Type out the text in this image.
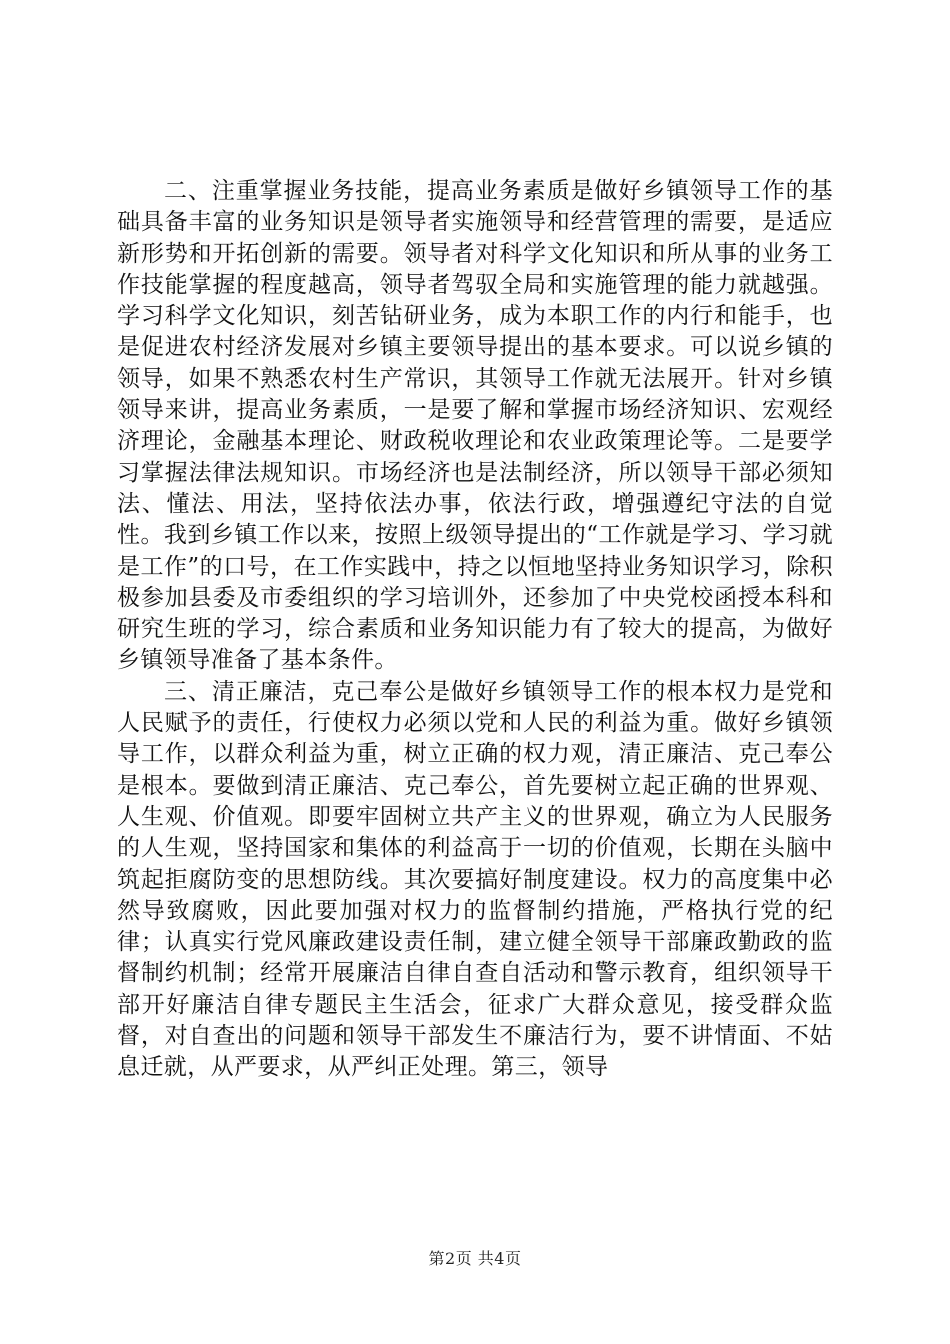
二、注重掌握业务技能，提高业务素质是做好乡镇领导工作的基础具备丰富的业务知识是领导者实施领导和经营管理的需要，是适应新形势和开拓创新的需要。领导者对科学文化知识和所从事的业务工作技能掌握的程度越高，领导者驾驭全局和实施管理的能力就越强。学习科学文化知识，刻苦钻研业务，成为本职工作的内行和能手，也是促进农村经济发展对乡镇主要领导提出的基本要求。可以说乡镇的领导，如果不熟悉农村生产常识，其领导工作就无法展开。针对乡镇领导来讲，提高业务素质，一是要了解和掌握市场经济知识、宏观经济理论，金融基本理论、财政税收理论和农业政策理论等。二是要学习掌握法律法规知识。市场经济也是法制经济，所以领导干部必须知法、懂法、用法，坚持依法办事，依法行政，增强遵纪守法的自觉性。我到乡镇工作以来，按照上级领导提出的“工作就是学习、学习就是工作”的口号，在工作实践中，持之以恒地坚持业务知识学习，除积极参加县委及市委组织的学习培训外，还参加了中央党校函授本科和研究生班的学习，综合素质和业务知识能力有了较大的提高，为做好乡镇领导准备了基本条件。

三、清正廉洁，克己奉公是做好乡镇领导工作的根本权力是党和人民赋予的责任，行使权力必须以党和人民的利益为重。做好乡镇领导工作，以群众利益为重，树立正确的权力观，清正廉洁、克己奉公是根本。要做到清正廉洁、克己奉公，首先要树立起正确的世界观、人生观、价值观。即要牢固树立共产主义的世界观，确立为人民服务的人生观，坚持国家和集体的利益高于一切的价值观，长期在头脑中筑起拒腐防变的思想防线。其次要搞好制度建设。权力的高度集中必然导致腐败，因此要加强对权力的监督制约措施，严格执行党的纪律；认真实行党风廉政建设责任制，建立健全领导干部廉政勤政的监督制约机制；经常开展廉洁自律自查自活动和警示教育，组织领导干部开好廉洁自律专题民主生活会，征求广大群众意见，接受群众监督，对自查出的问题和领导干部发生不廉洁行为，要不讲情面、不姑息迁就，从严要求，从严纠正处理。第三，领导

第2页 共4页
